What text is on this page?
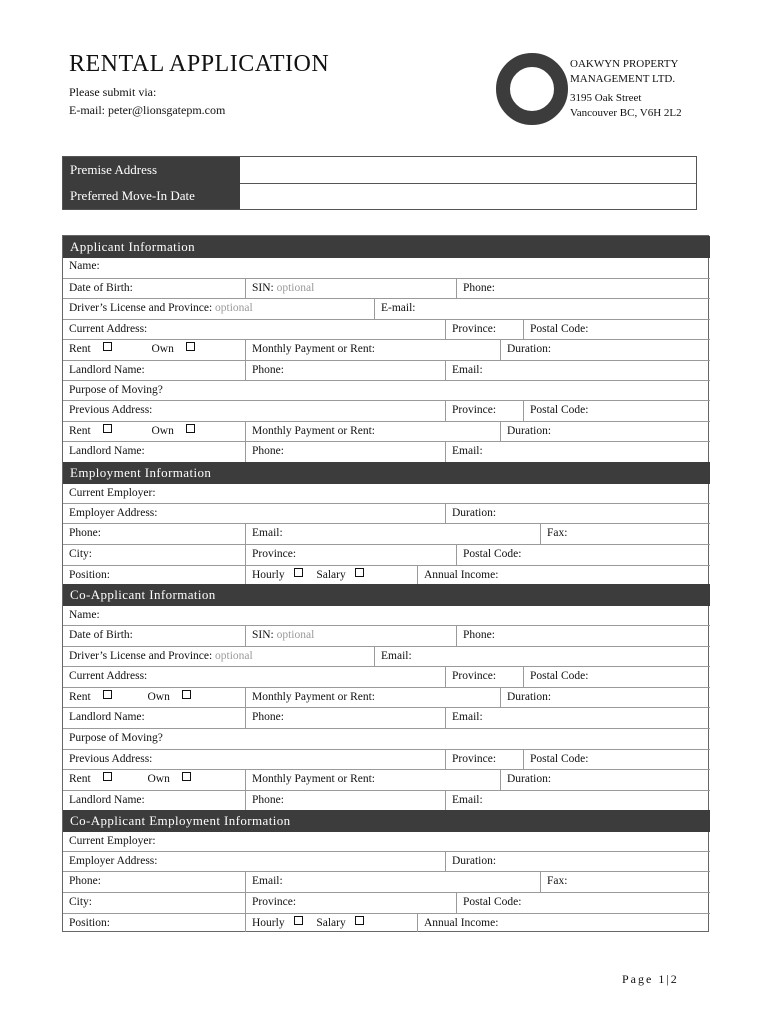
RENTAL APPLICATION
Please submit via:
E-mail: peter@lionsgatepm.com
OAKWYN PROPERTY
MANAGEMENT LTD.
3195 Oak Street
Vancouver BC, V6H 2L2
Premise Address
Preferred Move-In Date
Applicant Information
Name:
Date of Birth:	SIN: optional	Phone:
Driver’s License and Province: optional	E-mail:
Current Address:	Province:	Postal Code:
Rent	Own	Monthly Payment or Rent:	Duration:
Landlord Name:	Phone:	Email:
Purpose of Moving?
Previous Address:	Province:	Postal Code:
Rent	Own	Monthly Payment or Rent:	Duration:
Landlord Name:	Phone:	Email:
Employment Information
Current Employer:
Employer Address:	Duration:
Phone:	Email:	Fax:
City:	Province:	Postal Code:
Position:	Hourly	Salary	Annual Income:
Co-Applicant Information
Name:
Date of Birth:	SIN: optional	Phone:
Driver’s License and Province: optional	Email:
Current Address:	Province:	Postal Code:
Rent	Own	Monthly Payment or Rent:	Duration:
Landlord Name:	Phone:	Email:
Purpose of Moving?
Previous Address:	Province:	Postal Code:
Rent	Own	Monthly Payment or Rent:	Duration:
Landlord Name:	Phone:	Email:
Co-Applicant Employment Information
Current Employer:
Employer Address:	Duration:
Phone:	Email:	Fax:
City:	Province:	Postal Code:
Position:	Hourly	Salary	Annual Income:
Page 1|2
